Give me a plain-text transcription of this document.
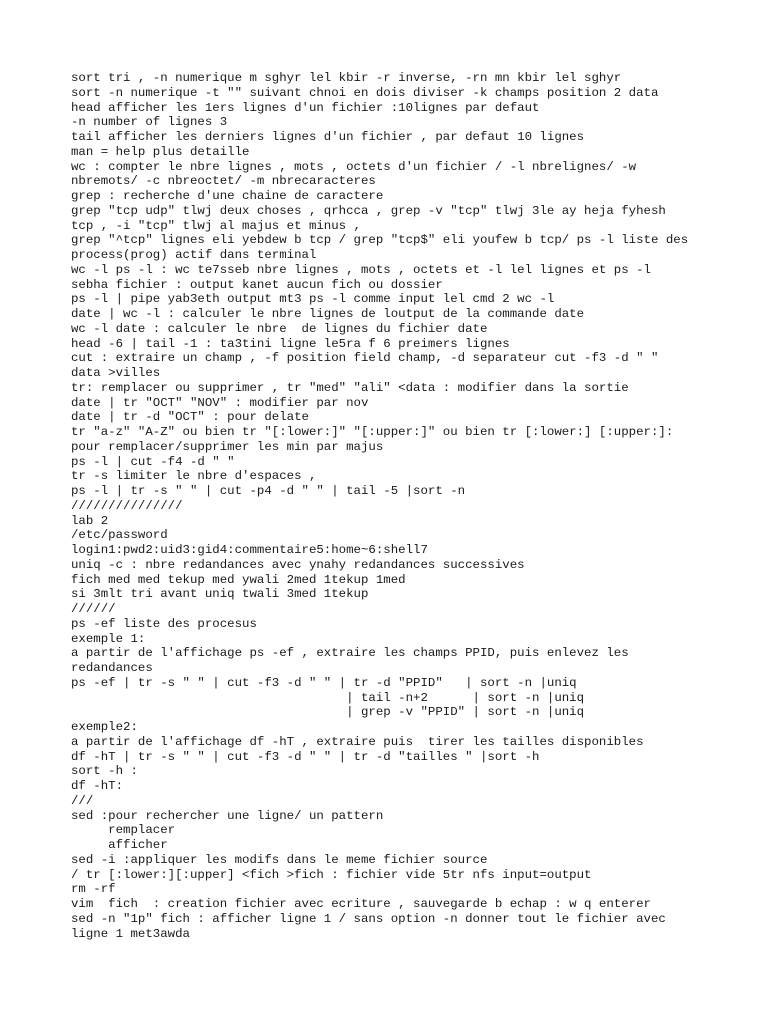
sort tri , -n numerique m sghyr lel kbir -r inverse, -rn mn kbir lel sghyr
sort -n numerique -t "" suivant chnoi en dois diviser -k champs position 2 data
head afficher les 1ers lignes d'un fichier :10lignes par defaut
-n number of lignes 3
tail afficher les derniers lignes d'un fichier , par defaut 10 lignes
man = help plus detaille
wc : compter le nbre lignes , mots , octets d'un fichier / -l nbrelignes/ -w
nbremots/ -c nbreoctet/ -m nbrecaracteres
grep : recherche d'une chaine de caractere
grep "tcp udp" tlwj deux choses , qrhcca , grep -v "tcp" tlwj 3le ay heja fyhesh
tcp , -i "tcp" tlwj al majus et minus ,
grep "^tcp" lignes eli yebdew b tcp / grep "tcp$" eli youfew b tcp/ ps -l liste des
process(prog) actif dans terminal
wc -l ps -l : wc te7sseb nbre lignes , mots , octets et -l lel lignes et ps -l
sebha fichier : output kanet aucun fich ou dossier
ps -l | pipe yab3eth output mt3 ps -l comme input lel cmd 2 wc -l
date | wc -l : calculer le nbre lignes de loutput de la commande date
wc -l date : calculer le nbre  de lignes du fichier date
head -6 | tail -1 : ta3tini ligne le5ra f 6 preimers lignes
cut : extraire un champ , -f position field champ, -d separateur cut -f3 -d " "
data >villes
tr: remplacer ou supprimer , tr "med" "ali" <data : modifier dans la sortie
date | tr "OCT" "NOV" : modifier par nov
date | tr -d "OCT" : pour delate
tr "a-z" "A-Z" ou bien tr "[:lower:]" "[:upper:]" ou bien tr [:lower:] [:upper:]:
pour remplacer/supprimer les min par majus
ps -l | cut -f4 -d " "
tr -s limiter le nbre d'espaces ,
ps -l | tr -s " " | cut -p4 -d " " | tail -5 |sort -n
///////////////
lab 2
/etc/password
login1:pwd2:uid3:gid4:commentaire5:home~6:shell7
uniq -c : nbre redandances avec ynahy redandances successives
fich med med tekup med ywali 2med 1tekup 1med
si 3mlt tri avant uniq twali 3med 1tekup
//////
ps -ef liste des procesus
exemple 1:
a partir de l'affichage ps -ef , extraire les champs PPID, puis enlevez les
redandances
ps -ef | tr -s " " | cut -f3 -d " " | tr -d "PPID"   | sort -n |uniq
| tail -n+2      | sort -n |uniq
| grep -v "PPID" | sort -n |uniq
exemple2:
a partir de l'affichage df -hT , extraire puis  tirer les tailles disponibles
df -hT | tr -s " " | cut -f3 -d " " | tr -d "tailles " |sort -h
sort -h :
df -hT:
///
sed :pour rechercher une ligne/ un pattern
remplacer
afficher
sed -i :appliquer les modifs dans le meme fichier source
/ tr [:lower:][:upper] <fich >fich : fichier vide 5tr nfs input=output
rm -rf
vim  fich  : creation fichier avec ecriture , sauvegarde b echap : w q enterer
sed -n "1p" fich : afficher ligne 1 / sans option -n donner tout le fichier avec
ligne 1 met3awda
